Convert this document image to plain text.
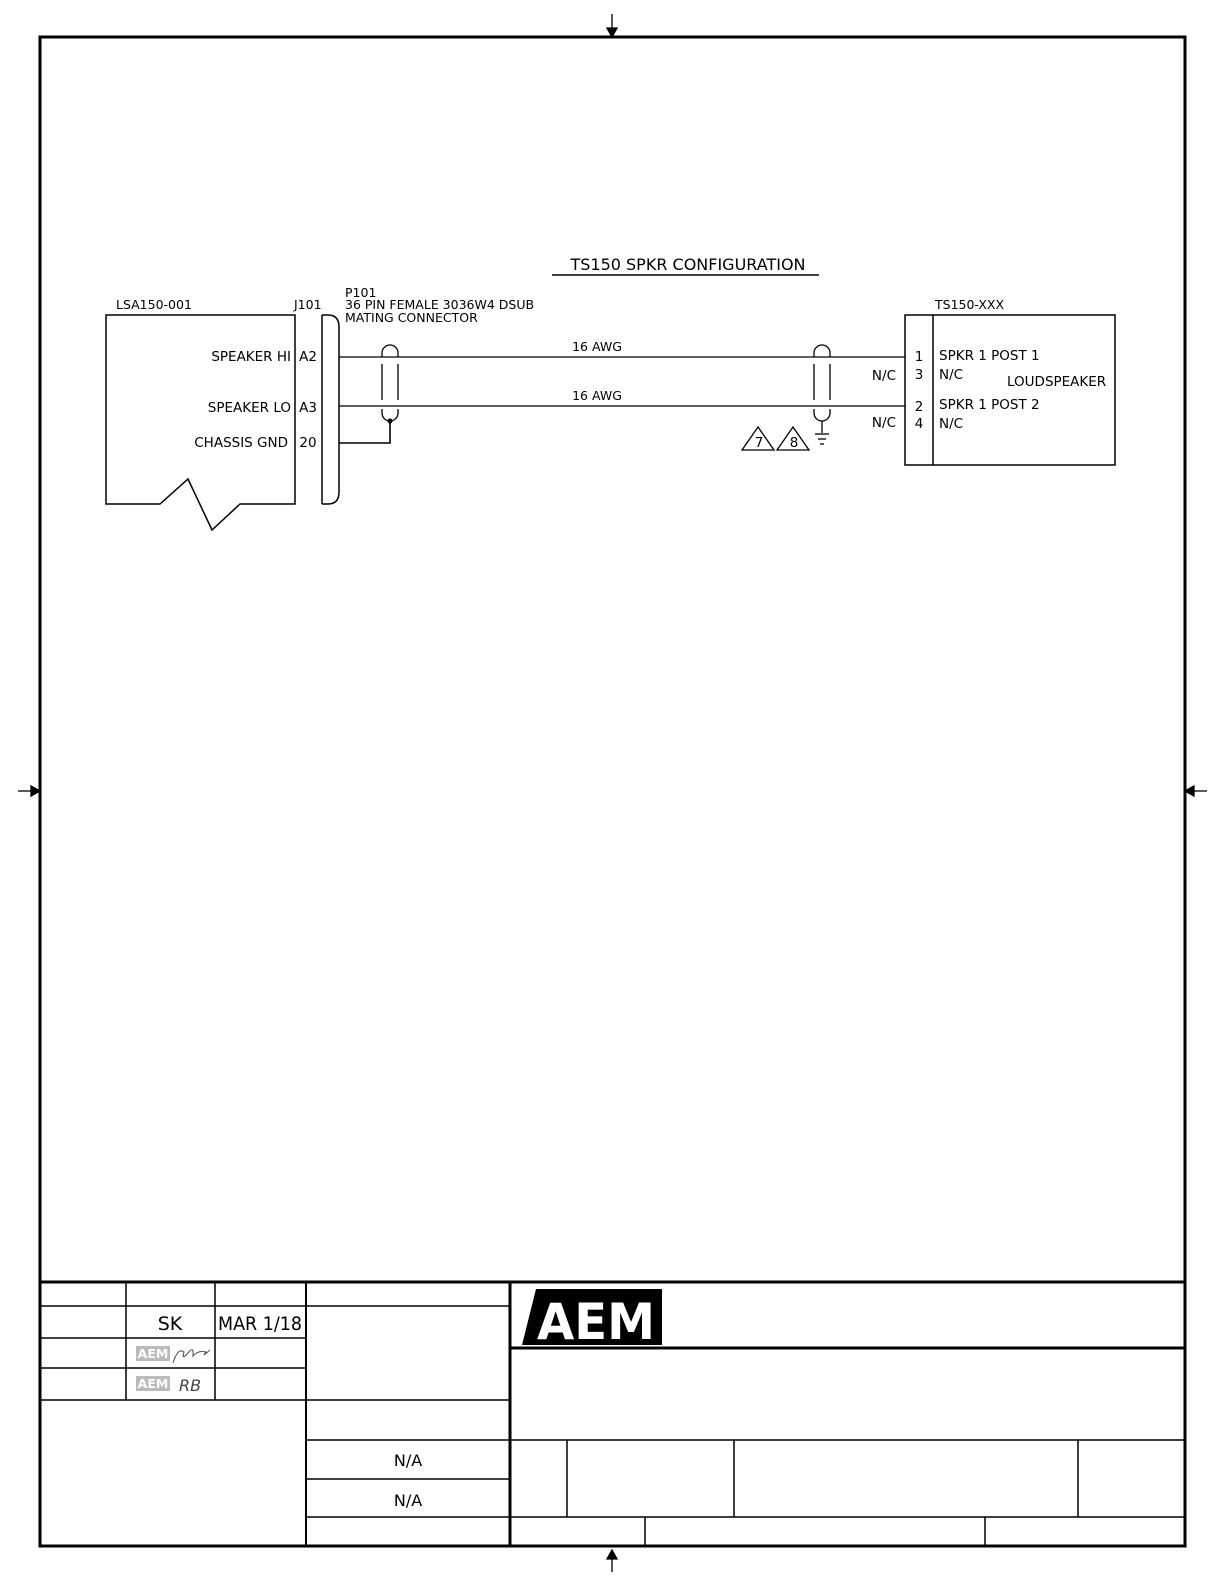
TS150 SPKR CONFIGURATION
LSA150-001	J101
SPEAKER HI A2
SPEAKER LO A3
CHASSIS GND 20
P101
36 PIN FEMALE 3036W4 DSUB
MATING CONNECTOR
16 AWG
16 AWG
7 8
TS150-XXX
1 SPKR 1 POST 1
3 N/C
N/C	LOUDSPEAKER
2 SPKR 1 POST 2
4 N/C
N/C
SK MAR 1/18
AEM
AEM RB
N/A
N/A
AEM
